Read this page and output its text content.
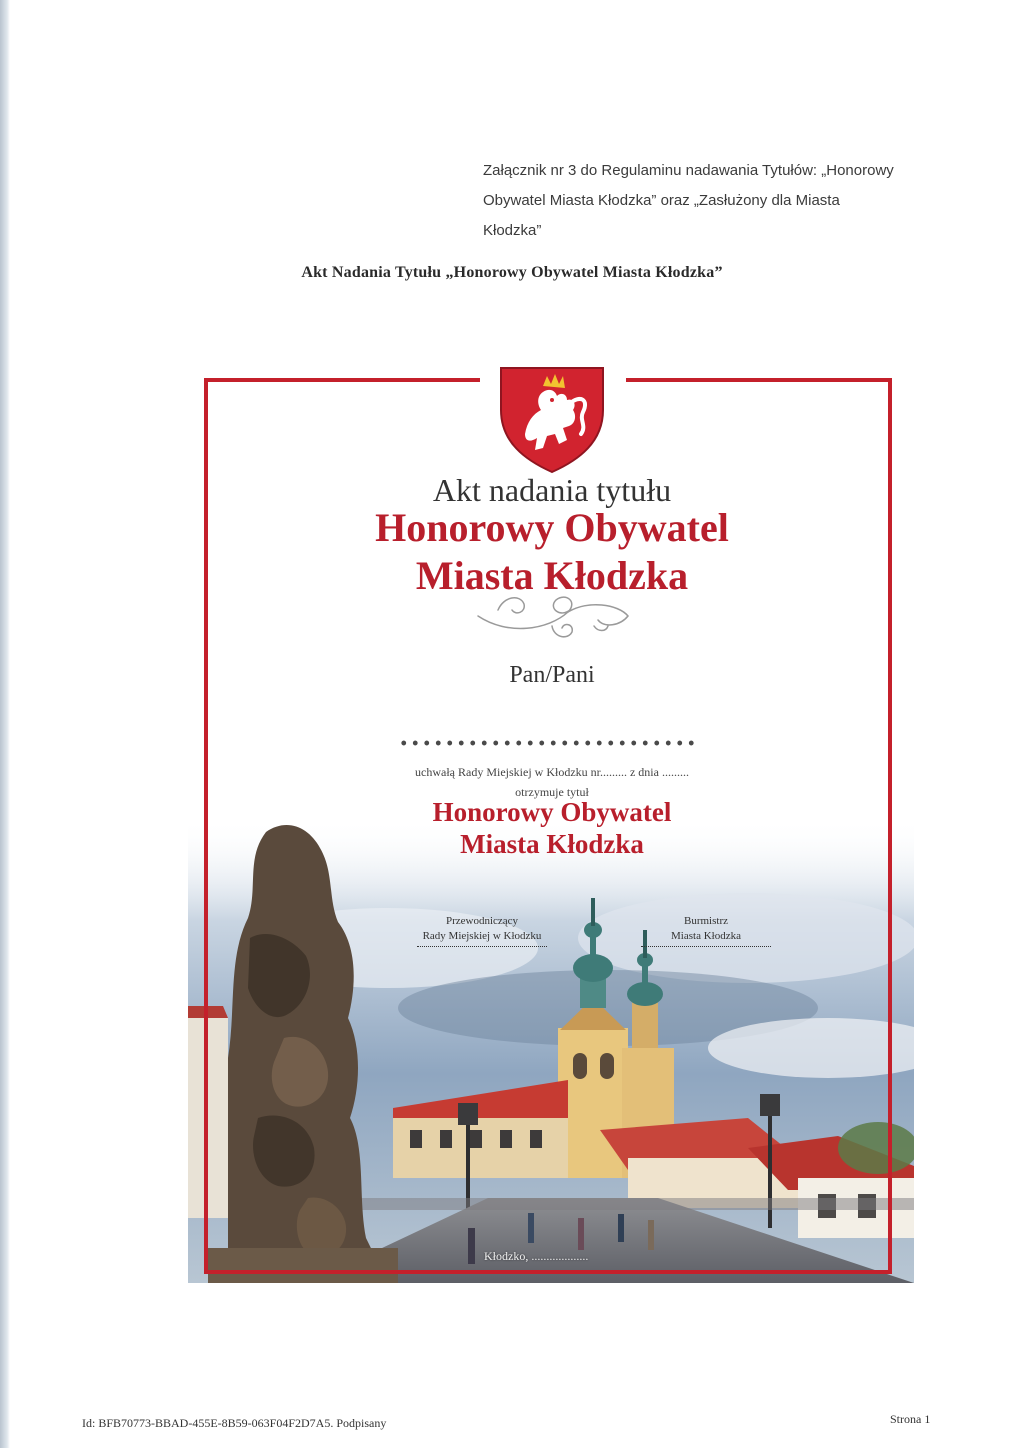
Załącznik nr 3 do Regulaminu nadawania Tytułów: „Honorowy
Obywatel Miasta Kłodzka” oraz „Zasłużony dla Miasta
Kłodzka”
Akt Nadania Tytułu „Honorowy Obywatel Miasta Kłodzka”
Akt nadania tytułu
Honorowy Obywatel
Miasta Kłodzka
Pan/Pani
uchwałą Rady Miejskiej w Kłodzku nr......... z dnia .........
otrzymuje tytuł
Honorowy Obywatel
Miasta Kłodzka
Przewodniczący
Rady Miejskiej w Kłodzku
Burmistrz
Miasta Kłodzka
Kłodzko, ...................
Id: BFB70773-BBAD-455E-8B59-063F04F2D7A5. Podpisany	Strona 1
